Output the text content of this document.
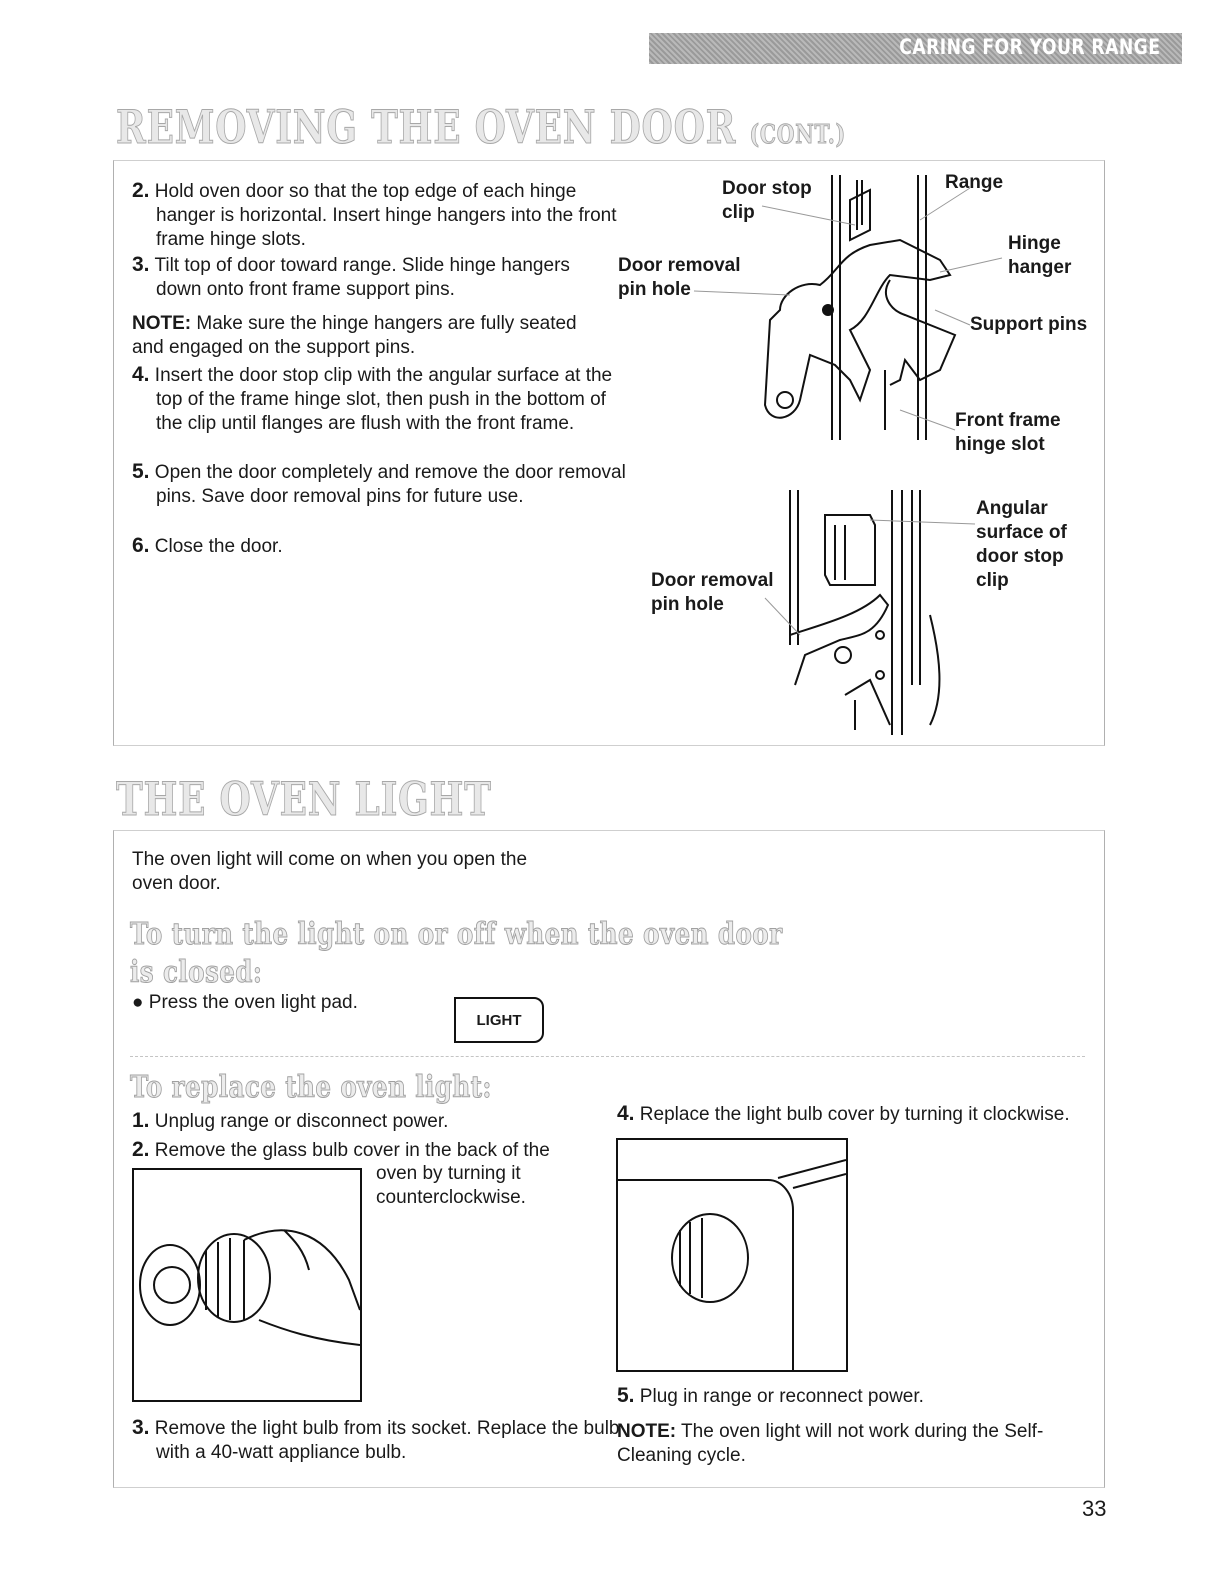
CARING FOR YOUR RANGE
REMOVING THE OVEN DOOR (CONT.)
2. Hold oven door so that the top edge of each hinge hanger is horizontal. Insert hinge hangers into the front frame hinge slots.
3. Tilt top of door toward range. Slide hinge hangers down onto front frame support pins.
NOTE: Make sure the hinge hangers are fully seated and engaged on the support pins.
4. Insert the door stop clip with the angular surface at the top of the frame hinge slot, then push in the bottom of the clip until flanges are flush with the front frame.
5. Open the door completely and remove the door removal pins. Save door removal pins for future use.
6. Close the door.
Door stop
clip
Range
Hinge
hanger
Door removal
pin hole
Support pins
Front frame
hinge slot
Angular
surface of
door stop
clip
Door removal
pin hole
THE OVEN LIGHT
The oven light will come on when you open the oven door.
To turn the light on or off when the oven door
is closed:
● Press the oven light pad.
LIGHT
To replace the oven light:
1. Unplug range or disconnect power.
2. Remove the glass bulb cover in the back of the
oven by turning it
counterclockwise.
3. Remove the light bulb from its socket. Replace the bulb with a 40-watt appliance bulb.
4. Replace the light bulb cover by turning it clockwise.
5. Plug in range or reconnect power.
NOTE: The oven light will not work during the Self-Cleaning cycle.
33
